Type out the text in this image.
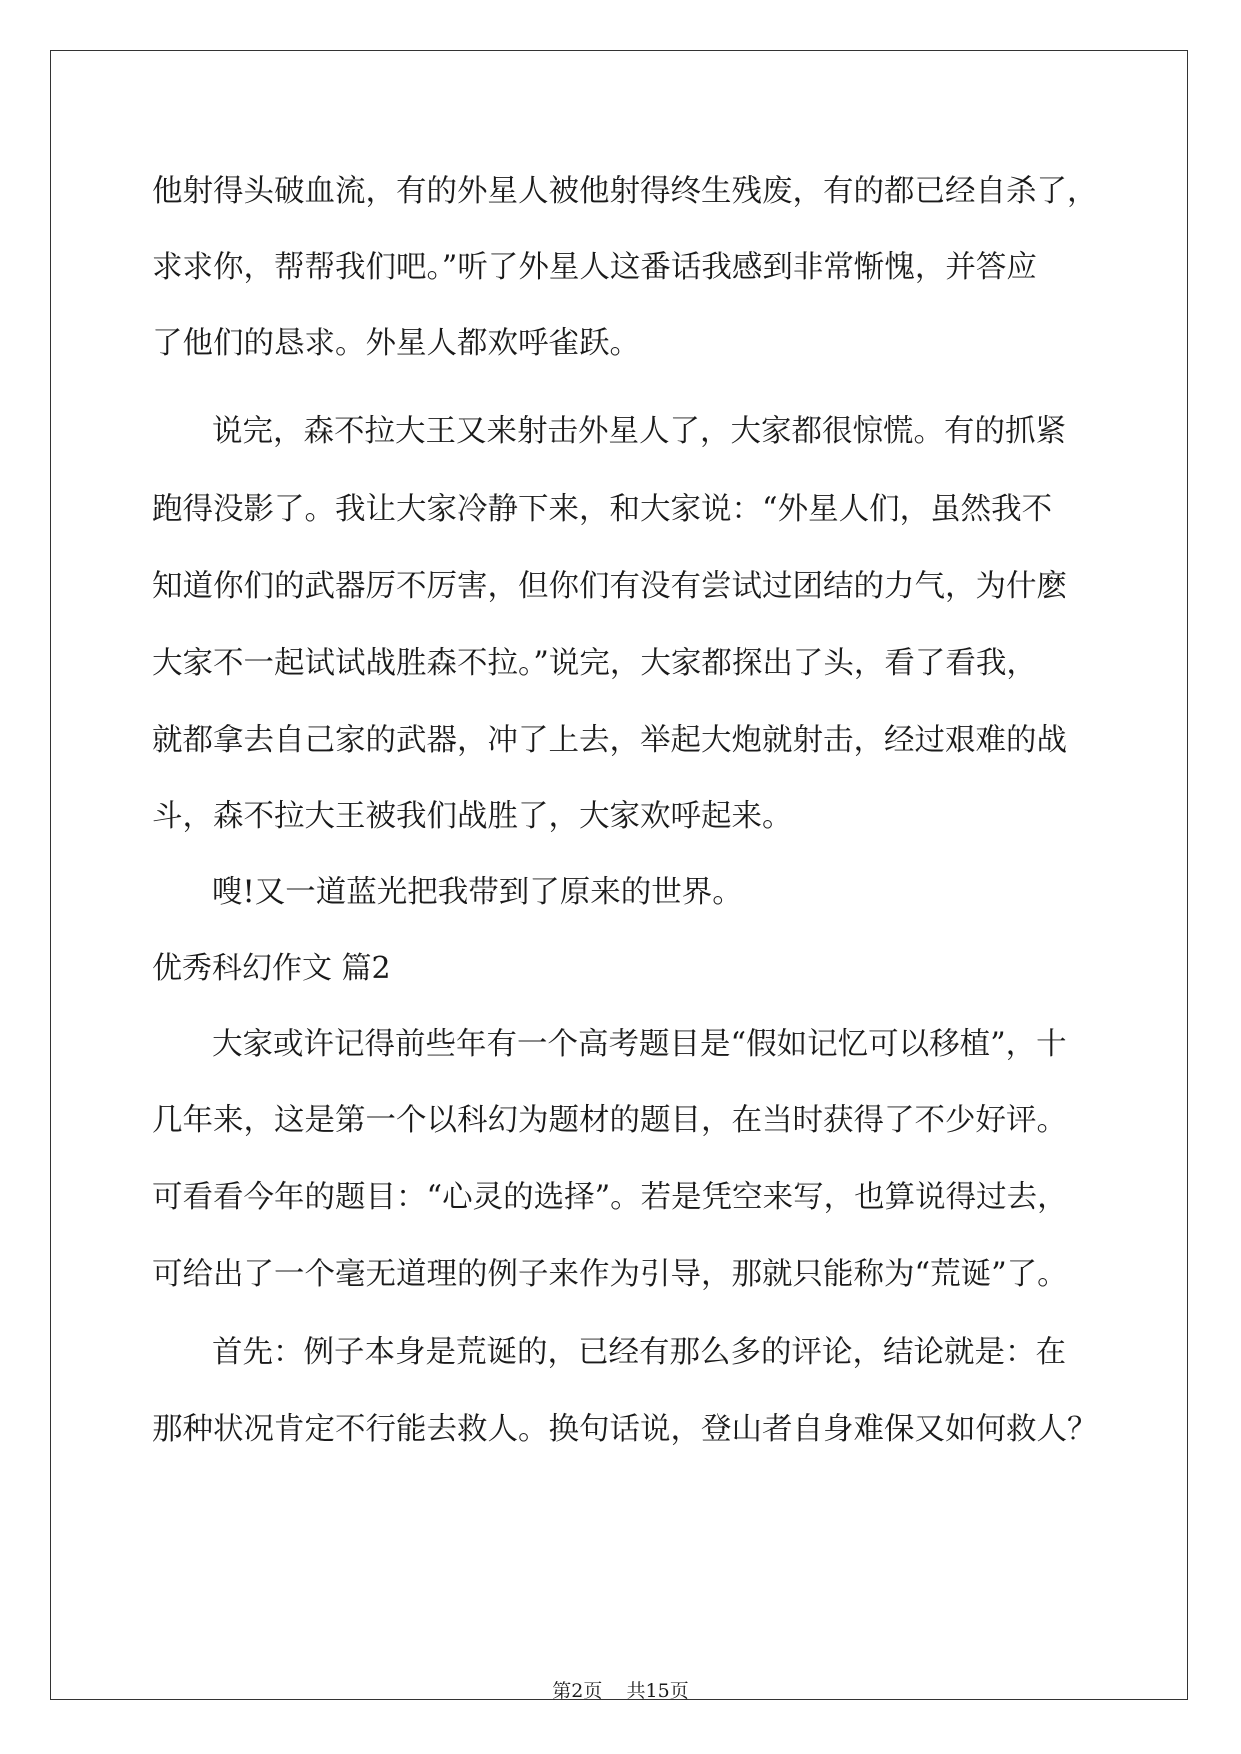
他射得头破血流，有的外星人被他射得终生残废，有的都已经自杀了，
求求你，帮帮我们吧。”听了外星人这番话我感到非常惭愧，并答应
了他们的恳求。外星人都欢呼雀跃。
说完，森不拉大王又来射击外星人了，大家都很惊慌。有的抓紧
跑得没影了。我让大家冷静下来，和大家说：“外星人们，虽然我不
知道你们的武器厉不厉害，但你们有没有尝试过团结的力气，为什麽
大家不一起试试战胜森不拉。”说完，大家都探出了头，看了看我，
就都拿去自己家的武器，冲了上去，举起大炮就射击，经过艰难的战
斗，森不拉大王被我们战胜了，大家欢呼起来。
嗖!又一道蓝光把我带到了原来的世界。
优秀科幻作文 篇2
大家或许记得前些年有一个高考题目是“假如记忆可以移植”，十
几年来，这是第一个以科幻为题材的题目，在当时获得了不少好评。
可看看今年的题目：“心灵的选择”。若是凭空来写，也算说得过去，
可给出了一个毫无道理的例子来作为引导，那就只能称为“荒诞”了。
首先：例子本身是荒诞的，已经有那么多的评论，结论就是：在
那种状况肯定不行能去救人。换句话说，登山者自身难保又如何救人？
第2页 共15页
